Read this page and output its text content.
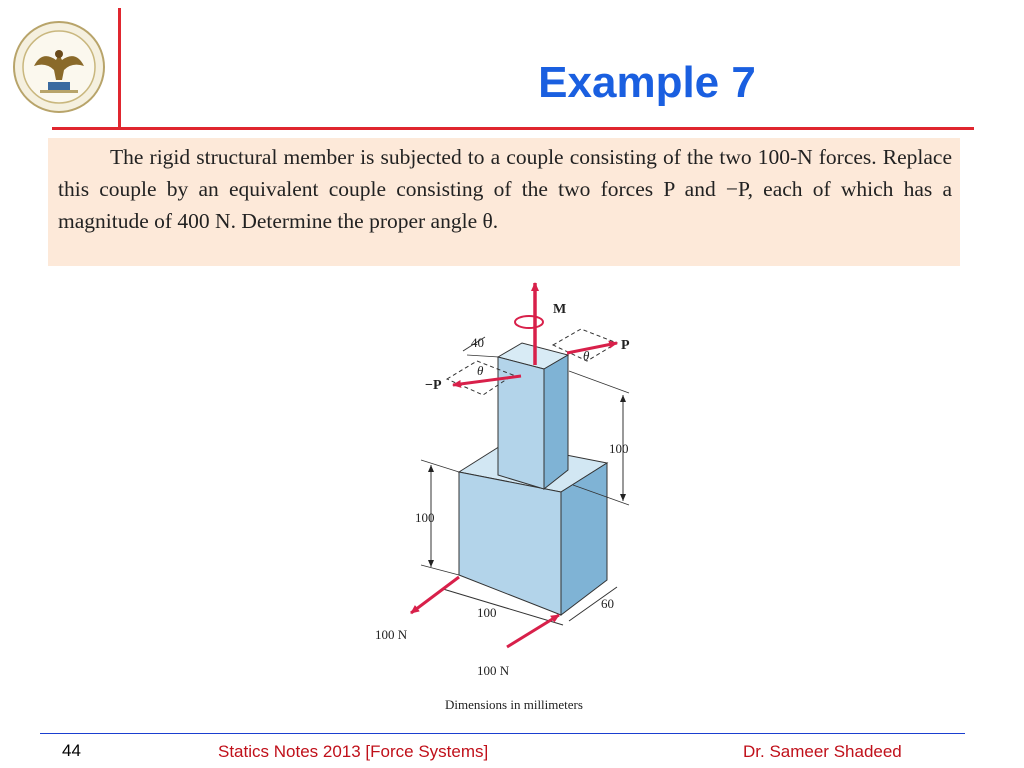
Example 7
The rigid structural member is subjected to a couple consisting of the two 100-N forces. Replace this couple by an equivalent couple consisting of the two forces P and −P, each of which has a magnitude of 400 N. Determine the proper angle θ.
M
P
−P
θ
θ
40
100
100
100
60
100 N
100 N
Dimensions in millimeters
44	Statics Notes 2013 [Force Systems]	Dr. Sameer Shadeed
